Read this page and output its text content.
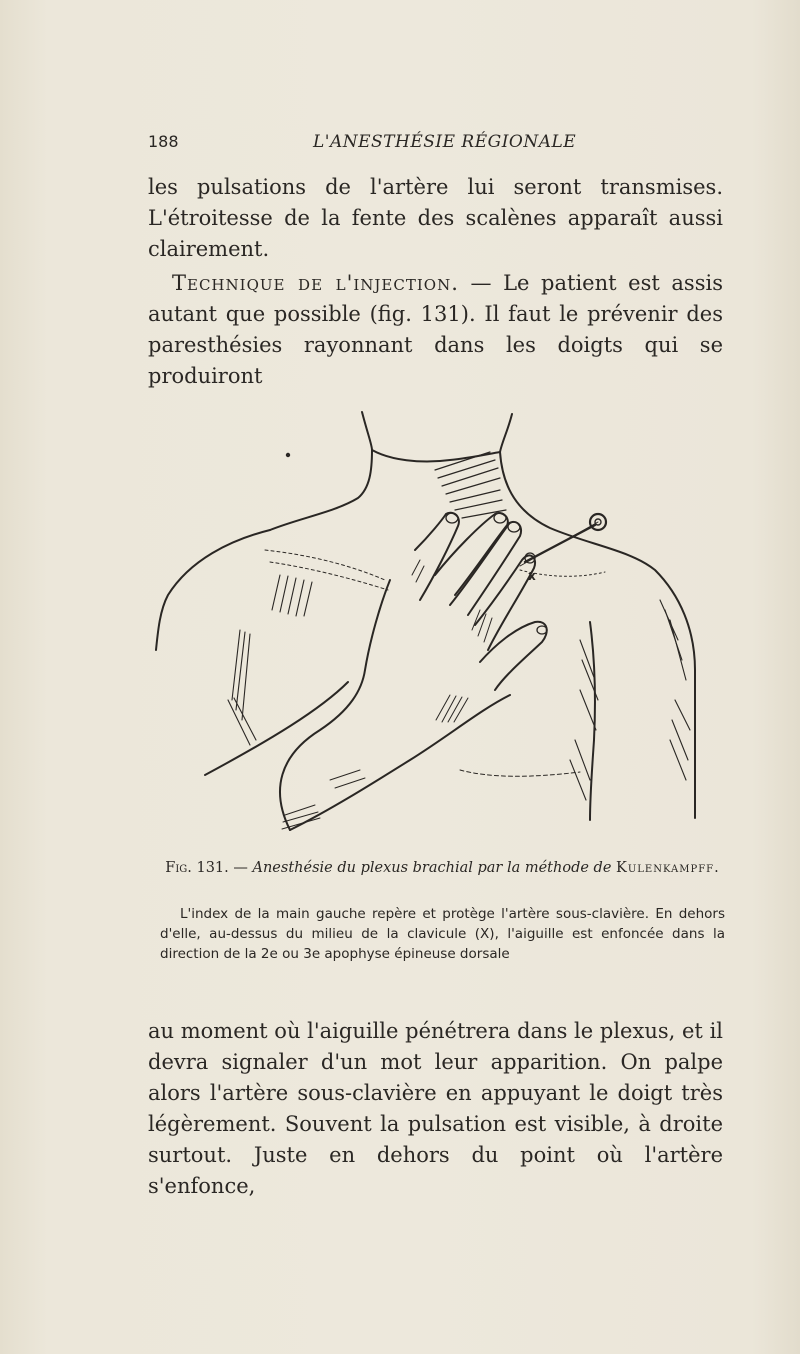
188	L'ANESTHÉSIE RÉGIONALE

les pulsations de l'artère lui seront transmises. L'étroitesse de la fente des scalènes apparaît aussi clairement.

Technique de l'injection. — Le patient est assis autant que possible (fig. 131). Il faut le prévenir des paresthésies rayonnant dans les doigts qui se produiront

x
Fig. 131. — Anesthésie du plexus brachial par la méthode de Kulenkampff.

L'index de la main gauche repère et protège l'artère sous-clavière. En dehors d'elle, au-dessus du milieu de la clavicule (X), l'aiguille est enfoncée dans la direction de la 2e ou 3e apophyse épineuse dorsale

au moment où l'aiguille pénétrera dans le plexus, et il devra signaler d'un mot leur apparition. On palpe alors l'artère sous-clavière en appuyant le doigt très légèrement. Souvent la pulsation est visible, à droite surtout. Juste en dehors du point où l'artère s'enfonce,
